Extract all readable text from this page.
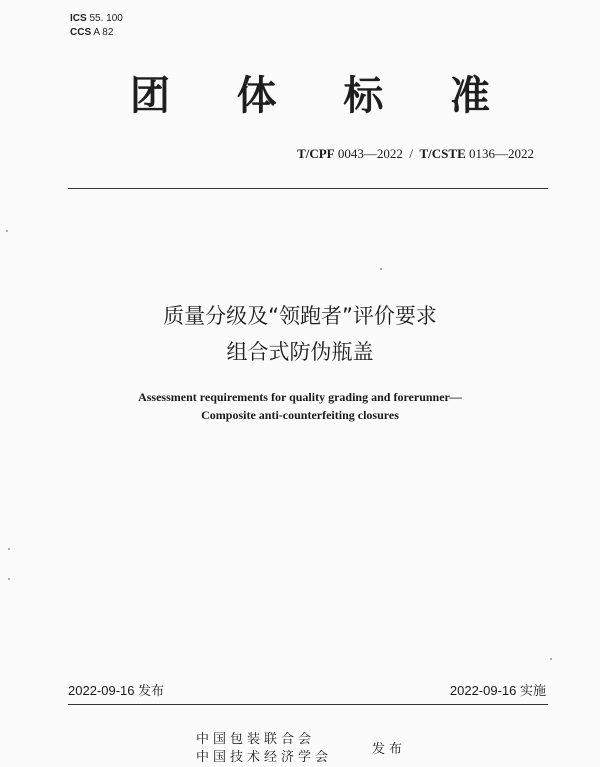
ICS 55. 100
CCS A 82
团 体 标 准
T/CPF 0043—2022 / T/CSTE 0136—2022
质量分级及“领跑者”评价要求
组合式防伪瓶盖
Assessment requirements for quality grading and forerunner—
Composite anti-counterfeiting closures
2022-09-16 发布	2022-09-16 实施
中国包装联合会
中国技术经济学会
发布
